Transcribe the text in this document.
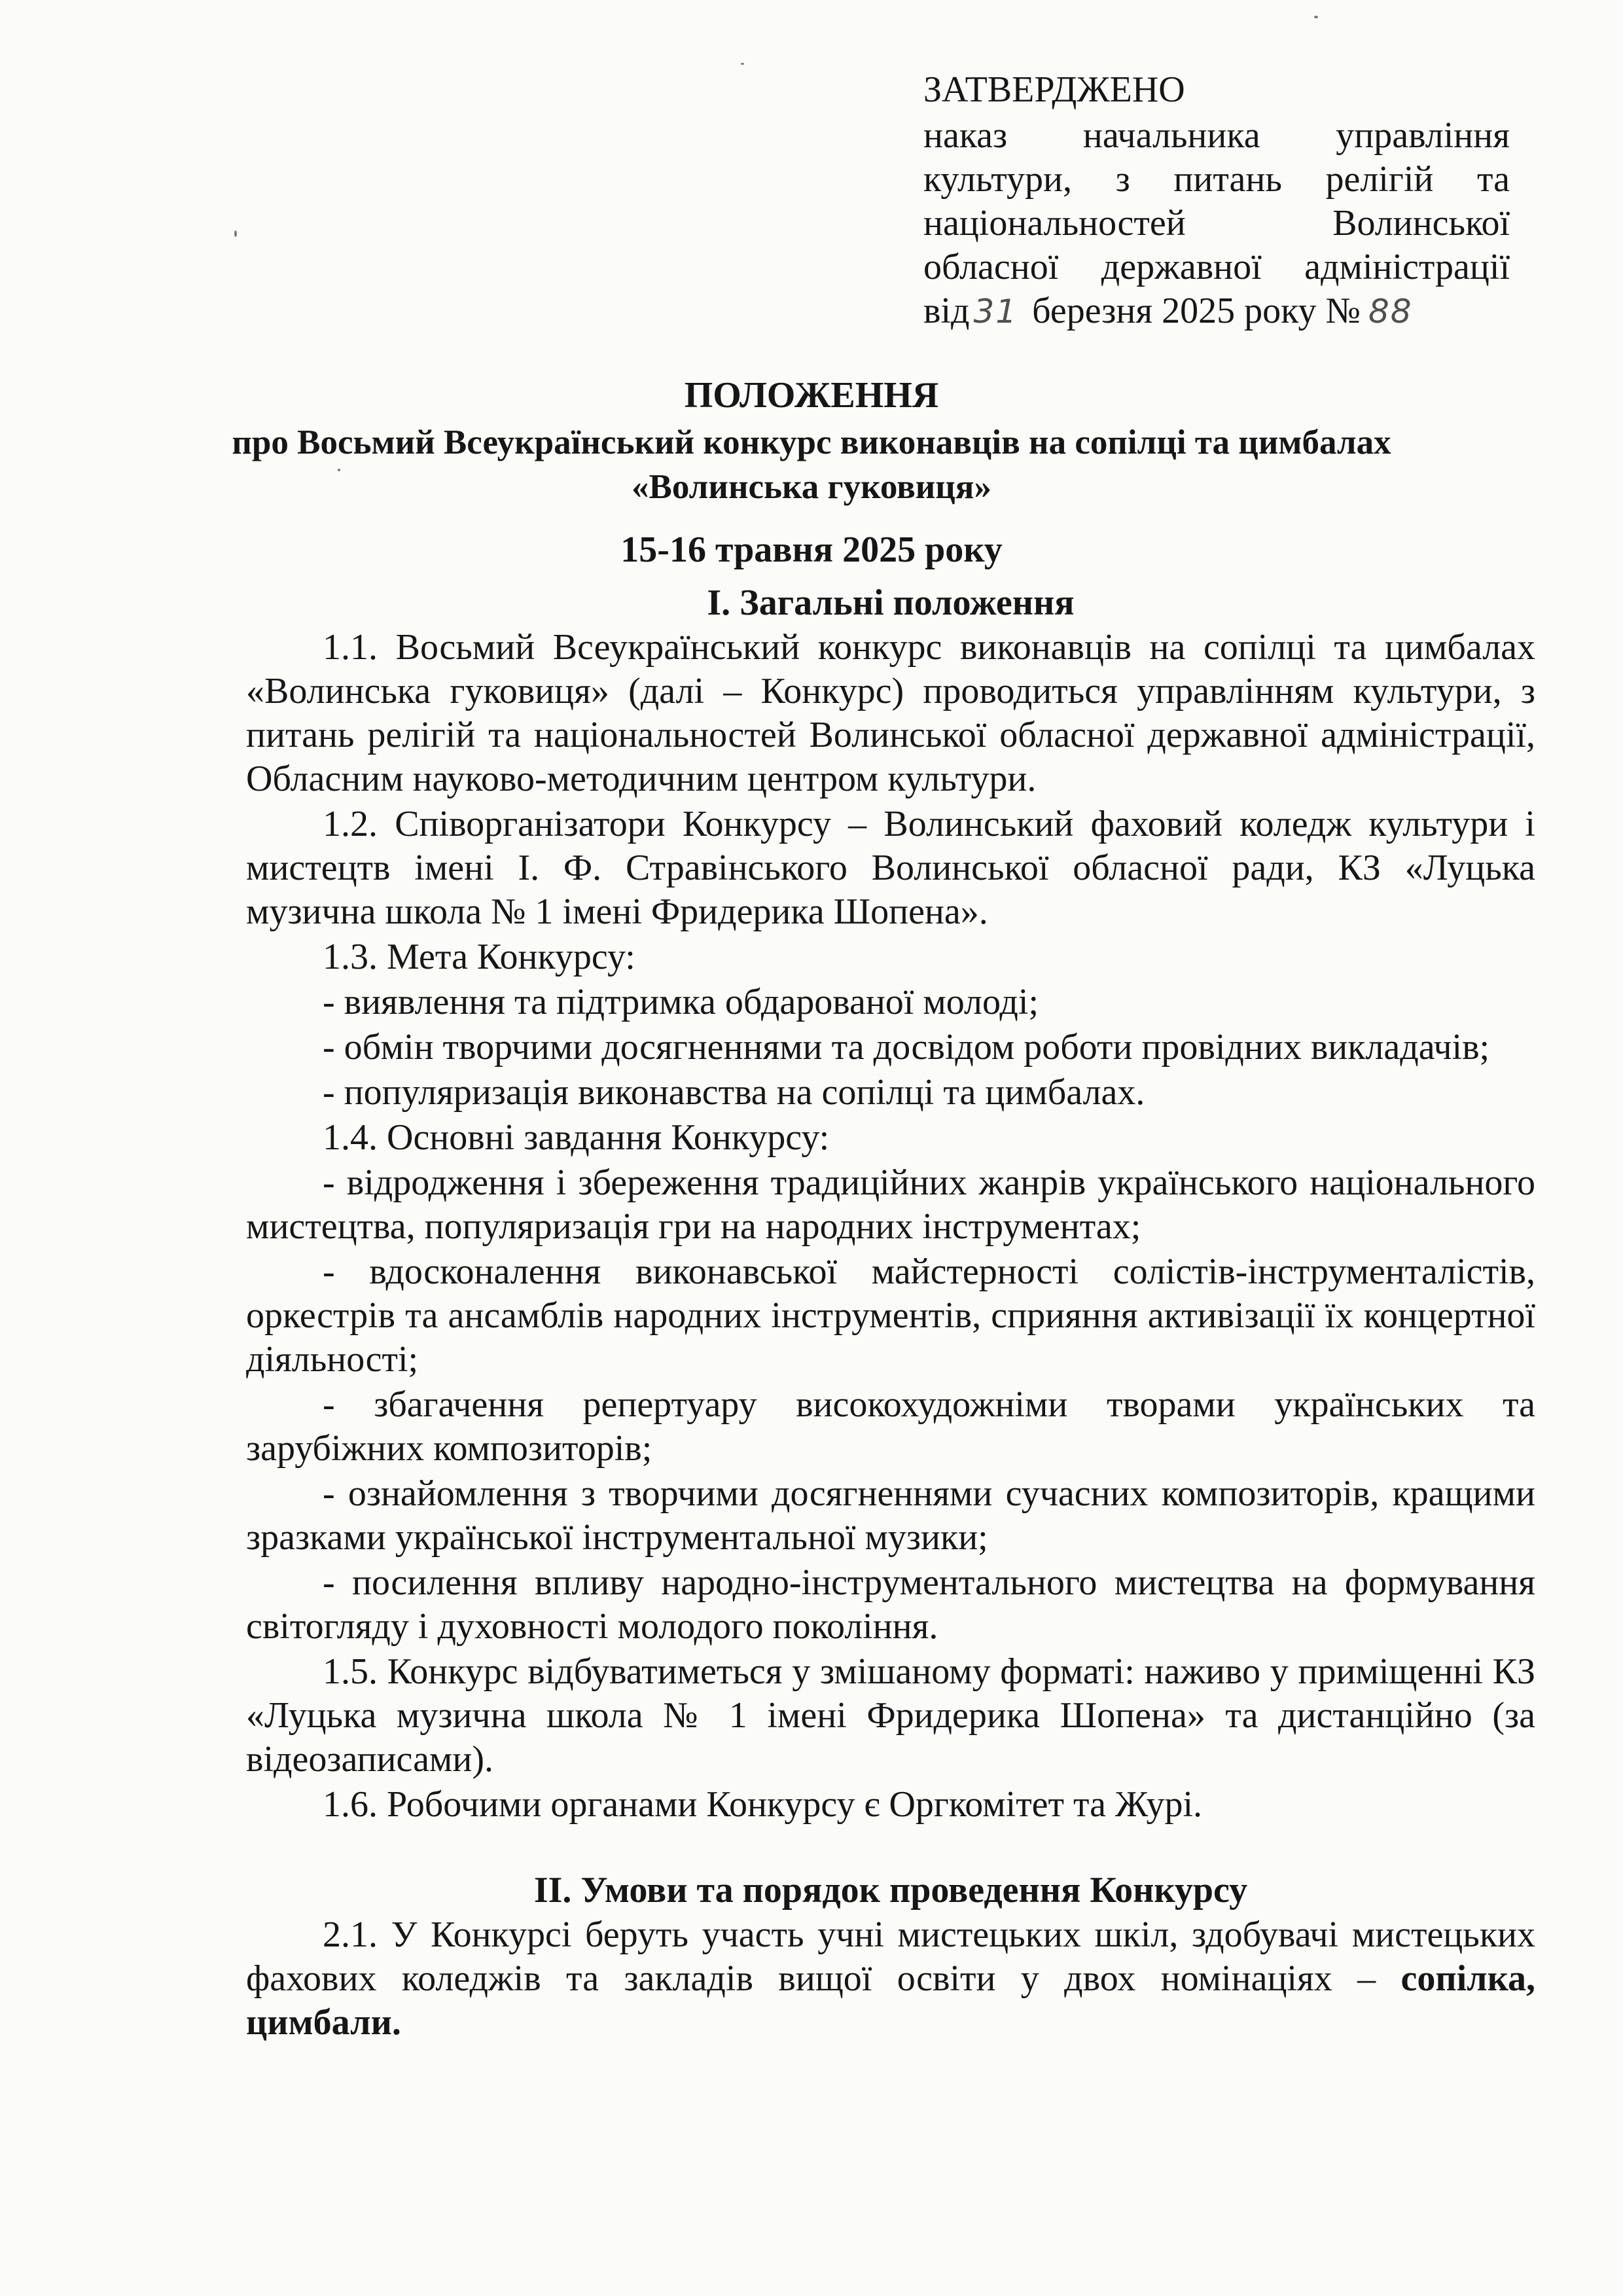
ЗАТВЕРДЖЕНО
наказ начальника управління
культури, з питань релігій та
національностей Волинської
обласної державної адміністрації
від 31 березня 2025 року № 88
ПОЛОЖЕННЯ
про Восьмий Всеукраїнський конкурс виконавців на сопілці та цимбалах
«Волинська гуковиця»
15-16 травня 2025 року
І. Загальні положення
1.1. Восьмий Всеукраїнський конкурс виконавців на сопілці та цимбалах «Волинська гуковиця» (далі – Конкурс) проводиться управлінням культури, з питань релігій та національностей Волинської обласної державної адміністрації, Обласним науково-методичним центром культури.
1.2. Співорганізатори Конкурсу – Волинський фаховий коледж культури і мистецтв імені І. Ф. Стравінського Волинської обласної ради, КЗ «Луцька музична школа № 1 імені Фридерика Шопена».
1.3. Мета Конкурсу:
- виявлення та підтримка обдарованої молоді;
- обмін творчими досягненнями та досвідом роботи провідних викладачів;
- популяризація виконавства на сопілці та цимбалах.
1.4. Основні завдання Конкурсу:
- відродження і збереження традиційних жанрів українського національного мистецтва, популяризація гри на народних інструментах;
- вдосконалення виконавської майстерності солістів-інструменталістів, оркестрів та ансамблів народних інструментів, сприяння активізації їх концертної діяльності;
- збагачення репертуару високохудожніми творами українських та зарубіжних композиторів;
- ознайомлення з творчими досягненнями сучасних композиторів, кращими зразками української інструментальної музики;
- посилення впливу народно-інструментального мистецтва на формування світогляду і духовності молодого покоління.
1.5. Конкурс відбуватиметься у змішаному форматі: наживо у приміщенні КЗ «Луцька музична школа № 1 імені Фридерика Шопена» та дистанційно (за відеозаписами).
1.6. Робочими органами Конкурсу є Оргкомітет та Журі.
ІІ. Умови та порядок проведення Конкурсу
2.1. У Конкурсі беруть участь учні мистецьких шкіл, здобувачі мистецьких фахових коледжів та закладів вищої освіти у двох номінаціях – сопілка, цимбали.
